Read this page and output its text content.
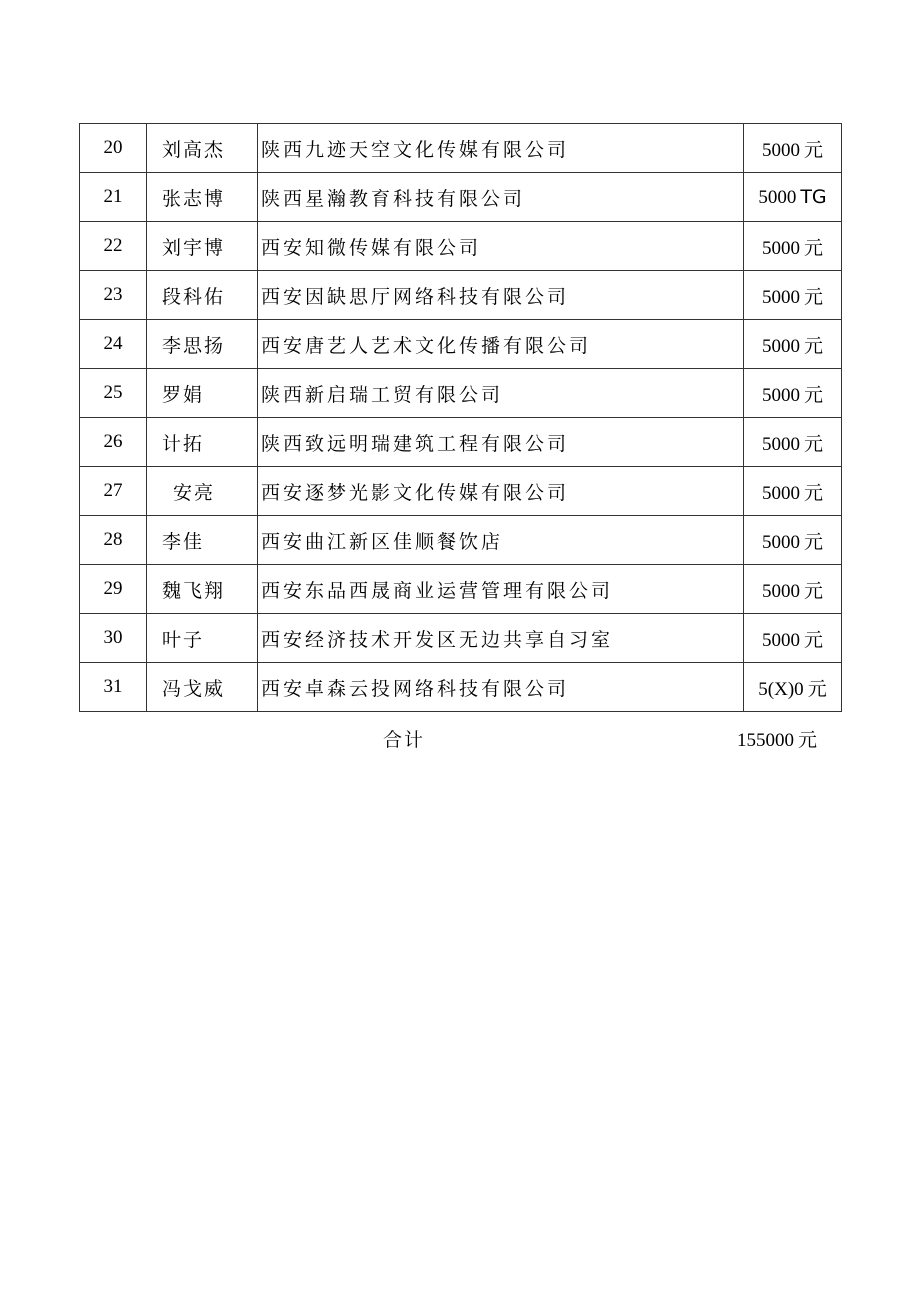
20	刘高杰	陕西九迹天空文化传媒有限公司	5000 元
21	张志博	陕西星瀚教育科技有限公司	5000 TG
22	刘宇博	西安知微传媒有限公司	5000 元
23	段科佑	西安因缺思厅网络科技有限公司	5000 元
24	李思扬	西安唐艺人艺术文化传播有限公司	5000 元
25	罗娟	陕西新启瑞工贸有限公司	5000 元
26	计拓	陕西致远明瑞建筑工程有限公司	5000 元
27	安亮	西安逐梦光影文化传媒有限公司	5000 元
28	李佳	西安曲江新区佳顺餐饮店	5000 元
29	魏飞翔	西安东品西晟商业运营管理有限公司	5000 元
30	叶子	西安经济技术开发区无边共享自习室	5000 元
31	冯戈威	西安卓森云投网络科技有限公司	5(X)0 元
合计	155000 元
